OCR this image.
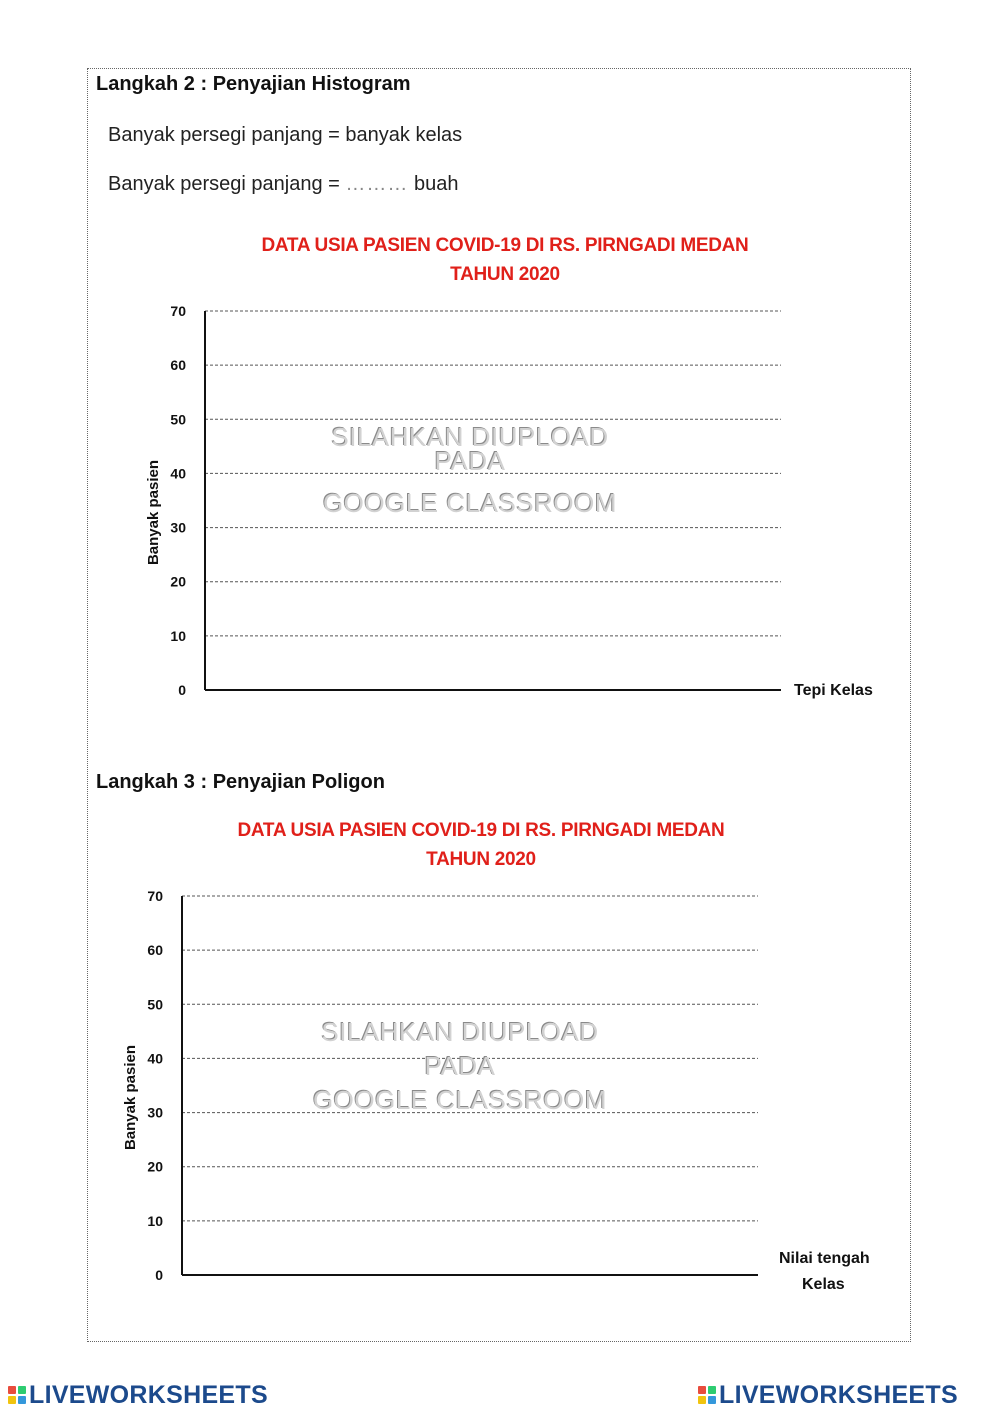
Langkah 2 : Penyajian Histogram
Banyak persegi panjang = banyak kelas
Banyak persegi panjang = ……… buah
DATA USIA PASIEN COVID-19 DI RS. PIRNGADI MEDAN
TAHUN 2020
0
10
20
30
40
50
60
70
Banyak pasien
Tepi Kelas
SILAHKAN DIUPLOAD
PADA
GOOGLE CLASSROOM
Langkah 3 : Penyajian Poligon
DATA USIA PASIEN COVID-19 DI RS. PIRNGADI MEDAN
TAHUN 2020
0
10
20
30
40
50
60
70
Banyak pasien
Nilai tengah
Kelas
SILAHKAN DIUPLOAD
PADA
GOOGLE CLASSROOM
LIVEWORKSHEETS	LIVEWORKSHEETS
